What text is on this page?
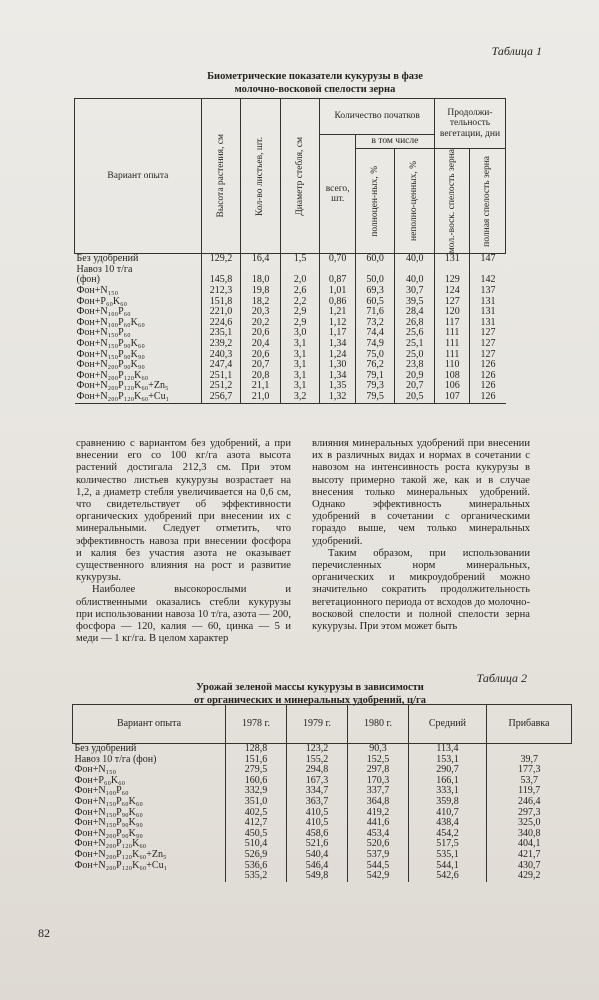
Таблица 1
Биометрические показатели кукурузы в фазе
молочно-восковой спелости зерна
Вариант опыта	Высота растения, см	Кол-во листьев, шт.	Диаметр стебля, см	Количество початков			Продолжи-тельность вегетации, дни	
				всего, шт.	в том числе			

					полноцен-ных, %	неполно-ценных, %	мол.-воск. спелость зерна	полная спелость зерна

Без удобрений	129,2	16,4	1,5	0,70	60,0	40,0	131	147
Навоз 10 т/га								
(фон)	145,8	18,0	2,0	0,87	50,0	40,0	129	142
Фон+N₁₅₀	212,3	19,8	2,6	1,01	69,3	30,7	124	137
Фон+P₆₀K₆₀	151,8	18,2	2,2	0,86	60,5	39,5	127	131
Фон+N₁₀₀P₆₀	221,0	20,3	2,9	1,21	71,6	28,4	120	131
Фон+N₁₀₀P₆₀K₆₀	224,6	20,2	2,9	1,12	73,2	26,8	117	131
Фон+N₁₅₀P₆₀	235,1	20,6	3,0	1,17	74,4	25,6	111	127
Фон+N₁₅₀P₉₀K₆₀	239,2	20,4	3,1	1,34	74,9	25,1	111	127
Фон+N₁₅₀P₉₀K₉₀	240,3	20,6	3,1	1,24	75,0	25,0	111	127
Фон+N₂₀₀P₉₀K₉₀	247,4	20,7	3,1	1,30	76,2	23,8	110	126
Фон+N₂₀₀P₁₂₀K₆₀	251,1	20,8	3,1	1,34	79,1	20,9	108	126
Фон+N₂₀₀P₁₂₀K₆₀+Zn₅	251,2	21,1	3,1	1,35	79,3	20,7	106	126
Фон+N₂₀₀P₁₂₀K₆₀+Cu₁	256,7	21,0	3,2	1,32	79,5	20,5	107	126

сравнению с вариантом без удобрений, а при внесении его со 100 кг/га азота высота растений достигала 212,3 см. При этом количество листьев кукурузы возрастает на 1,2, а диаметр стебля увеличивается на 0,6 см, что свидетельствует об эффективности органических удобрений при внесении их с минеральными. Следует отметить, что эффективность навоза при внесении фосфора и калия без участия азота не оказывает существенного влияния на рост и развитие кукурузы.

Наиболее высокорослыми и облиственными оказались стебли кукурузы при использовании навоза 10 т/га, азота — 200, фосфора — 120, калия — 60, цинка — 5 и меди — 1 кг/га. В целом характер

влияния минеральных удобрений при внесении их в различных видах и нормах в сочетании с навозом на интенсивность роста кукурузы в высоту примерно такой же, как и в случае внесения только минеральных удобрений. Однако эффективность минеральных удобрений в сочетании с органическими гораздо выше, чем только минеральных удобрений.

Таким образом, при использовании перечисленных норм минеральных, органических и микроудобрений можно значительно сократить продолжительность вегетационного периода от всходов до молочно-восковой спелости и полной спелости зерна кукурузы. При этом может быть

Таблица 2
Урожай зеленой массы кукурузы в зависимости
от органических и минеральных удобрений, ц/га
Вариант опыта	1978 г.	1979 г.	1980 г.	Средний	Прибавка
Без удобрений	128,8	123,2	90,3	113,4	
Навоз 10 т/га (фон)	151,6	155,2	152,5	153,1	39,7
Фон+N₁₅₀	279,5	294,8	297,8	290,7	177,3
Фон+P₆₀K₆₀	160,6	167,3	170,3	166,1	53,7
Фон+N₁₀₀P₆₀	332,9	334,7	337,7	333,1	119,7
Фон+N₁₅₀P₆₀K₆₀	351,0	363,7	364,8	359,8	246,4
Фон+N₁₅₀P₉₀K₆₀	402,5	410,5	419,2	410,7	297,3
Фон+N₁₅₀P₉₀K₉₀	412,7	410,5	441,6	438,4	325,0
Фон+N₂₀₀P₉₀K₉₀	450,5	458,6	453,4	454,2	340,8
Фон+N₂₀₀P₁₂₀K₆₀	510,4	521,6	520,6	517,5	404,1
Фон+N₂₀₀P₁₂₀K₆₀+Zn₅	526,9	540,4	537,9	535,1	421,7
Фон+N₂₀₀P₁₂₀K₆₀+Cu₁	536,6	546,4	544,5	544,1	430,7
	535,2	549,8	542,9	542,6	429,2
82
